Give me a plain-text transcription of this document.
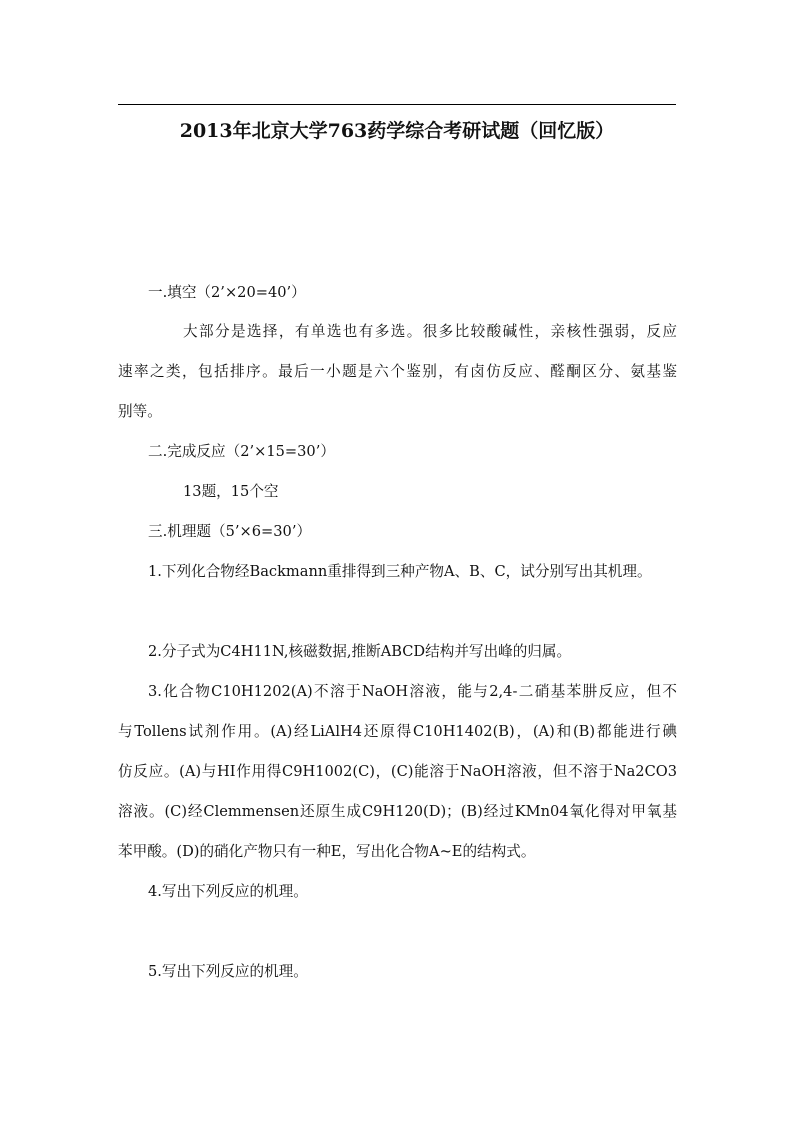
2013年北京大学763药学综合考研试题（回忆版）
一.填空（2’×20=40’）
大部分是选择，有单选也有多选。很多比较酸碱性，亲核性强弱，反应
速率之类，包括排序。最后一小题是六个鉴别，有卤仿反应、醛酮区分、氨基鉴
别等。
二.完成反应（2’×15=30’）
13题，15个空
三.机理题（5’×6=30’）
1.下列化合物经Backmann重排得到三种产物A、B、C，试分别写出其机理。
2.分子式为C4H11N,核磁数据,推断ABCD结构并写出峰的归属。
3.化合物C10H1202(A)不溶于NaOH溶液，能与2,4-二硝基苯肼反应，但不
与Tollens试剂作用。(A)经LiAlH4还原得C10H1402(B)，(A)和(B)都能进行碘
仿反应。(A)与HI作用得C9H1002(C)，(C)能溶于NaOH溶液，但不溶于Na2CO3
溶液。(C)经Clemmensen还原生成C9H120(D)；(B)经过KMn04氧化得对甲氧基
苯甲酸。(D)的硝化产物只有一种E，写出化合物A~E的结构式。
4.写出下列反应的机理。
5.写出下列反应的机理。
